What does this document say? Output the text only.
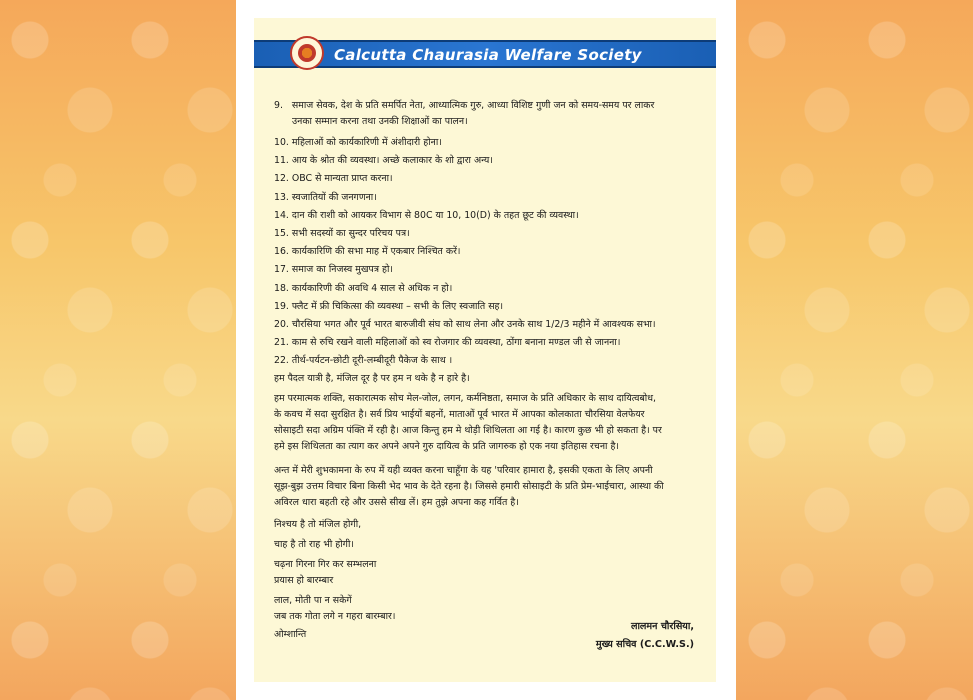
Calcutta Chaurasia Welfare Society
9. समाज सेवक, देश के प्रति समर्पित नेता, आध्यात्मिक गुरु, आध्या विशिष्ट गुणी जन को समय-समय पर लाकर
उनका सम्मान करना तथा उनकी शिक्षाओं का पालन।
10. महिलाओं को कार्यकारिणी में अंशीदारी होना।
11. आय के श्रोत की व्यवस्था। अच्छे कलाकार के शो द्वारा अन्य।
12. OBC से मान्यता प्राप्त करना।
13. स्वजातियों की जनगणना।
14. दान की राशी को आयकर विभाग से 80C या 10, 10(D) के तहत छूट की व्यवस्था।
15. सभी सदस्यों का सुन्दर परिचय पत्र।
16. कार्यकारिणि की सभा माह में एकबार निश्चित करें।
17. समाज का निजस्व मुखपत्र हो।
18. कार्यकारिणी की अवधि 4 साल से अधिक न हो।
19. फ्लैट में फ्री चिकित्सा की व्यवस्था – सभी के लिए स्वजाति सह।
20. चौरसिया भगत और पूर्व भारत बारुजीवी संघ को साथ लेना और उनके साथ 1/2/3 महीने में आवश्यक सभा।
21. काम से रुचि रखने वाली महिलाओं को स्व रोजगार की व्यवस्था, ठोंगा बनाना मण्डल जी से जानना।
22. तीर्थ-पर्यटन-छोटी दूरी-लम्बीदूरी पैकेज के साथ ।
हम पैदल यात्री है, मंजिल दूर है पर हम न थके है न हारे है।
हम परमात्मक शक्ति, सकारात्मक सोच मेल-जोल, लगन, कर्मनिष्ठता, समाज के प्रति अधिकार के साथ दायित्वबोध,
के कवच में सदा सुरक्षित है। सर्व प्रिय भाईयों बहनों, माताओं पूर्व भारत में आपका कोलकाता चौरसिया वेलफेयर
सोसाइटी सदा अग्रिम पंक्ति में रही है। आज किन्तु हम मे थोड़ी शिथिलता आ गई है। कारण कुछ भी हो सकता है। पर
हमे इस शिथिलता का त्याग कर अपने अपने गुरु दायित्व के प्रति जागरुक हो एक नया इतिहास रचना है।
अन्त में मेरी शुभकामना के रुप में यही व्यक्त करना चाहूँगा के यह 'परिवार हामारा है, इसकी एकता के लिए अपनी
सूझ-बुझ उत्तम विचार बिना किसी भेद भाव के देते रहना है। जिससे हमारी सोसाइटी के प्रति प्रेम-भाईचारा, आस्था की
अविरल धारा बहती रहे और उससे सीख लें। हम तुझे अपना कह गर्वित है।
निश्चय है तो मंजिल होगी,
चाह है तो राह भी होगी।
चढ़ना गिरना गिर कर सम्भलना
प्रयास हो बारम्बार
लाल, मोती पा न सकेगें
जब तक गोता लगे न गहरा बारम्बार।
ओम्शान्ति
लालमन चौरसिया,
मुख्य सचिव (C.C.W.S.)
